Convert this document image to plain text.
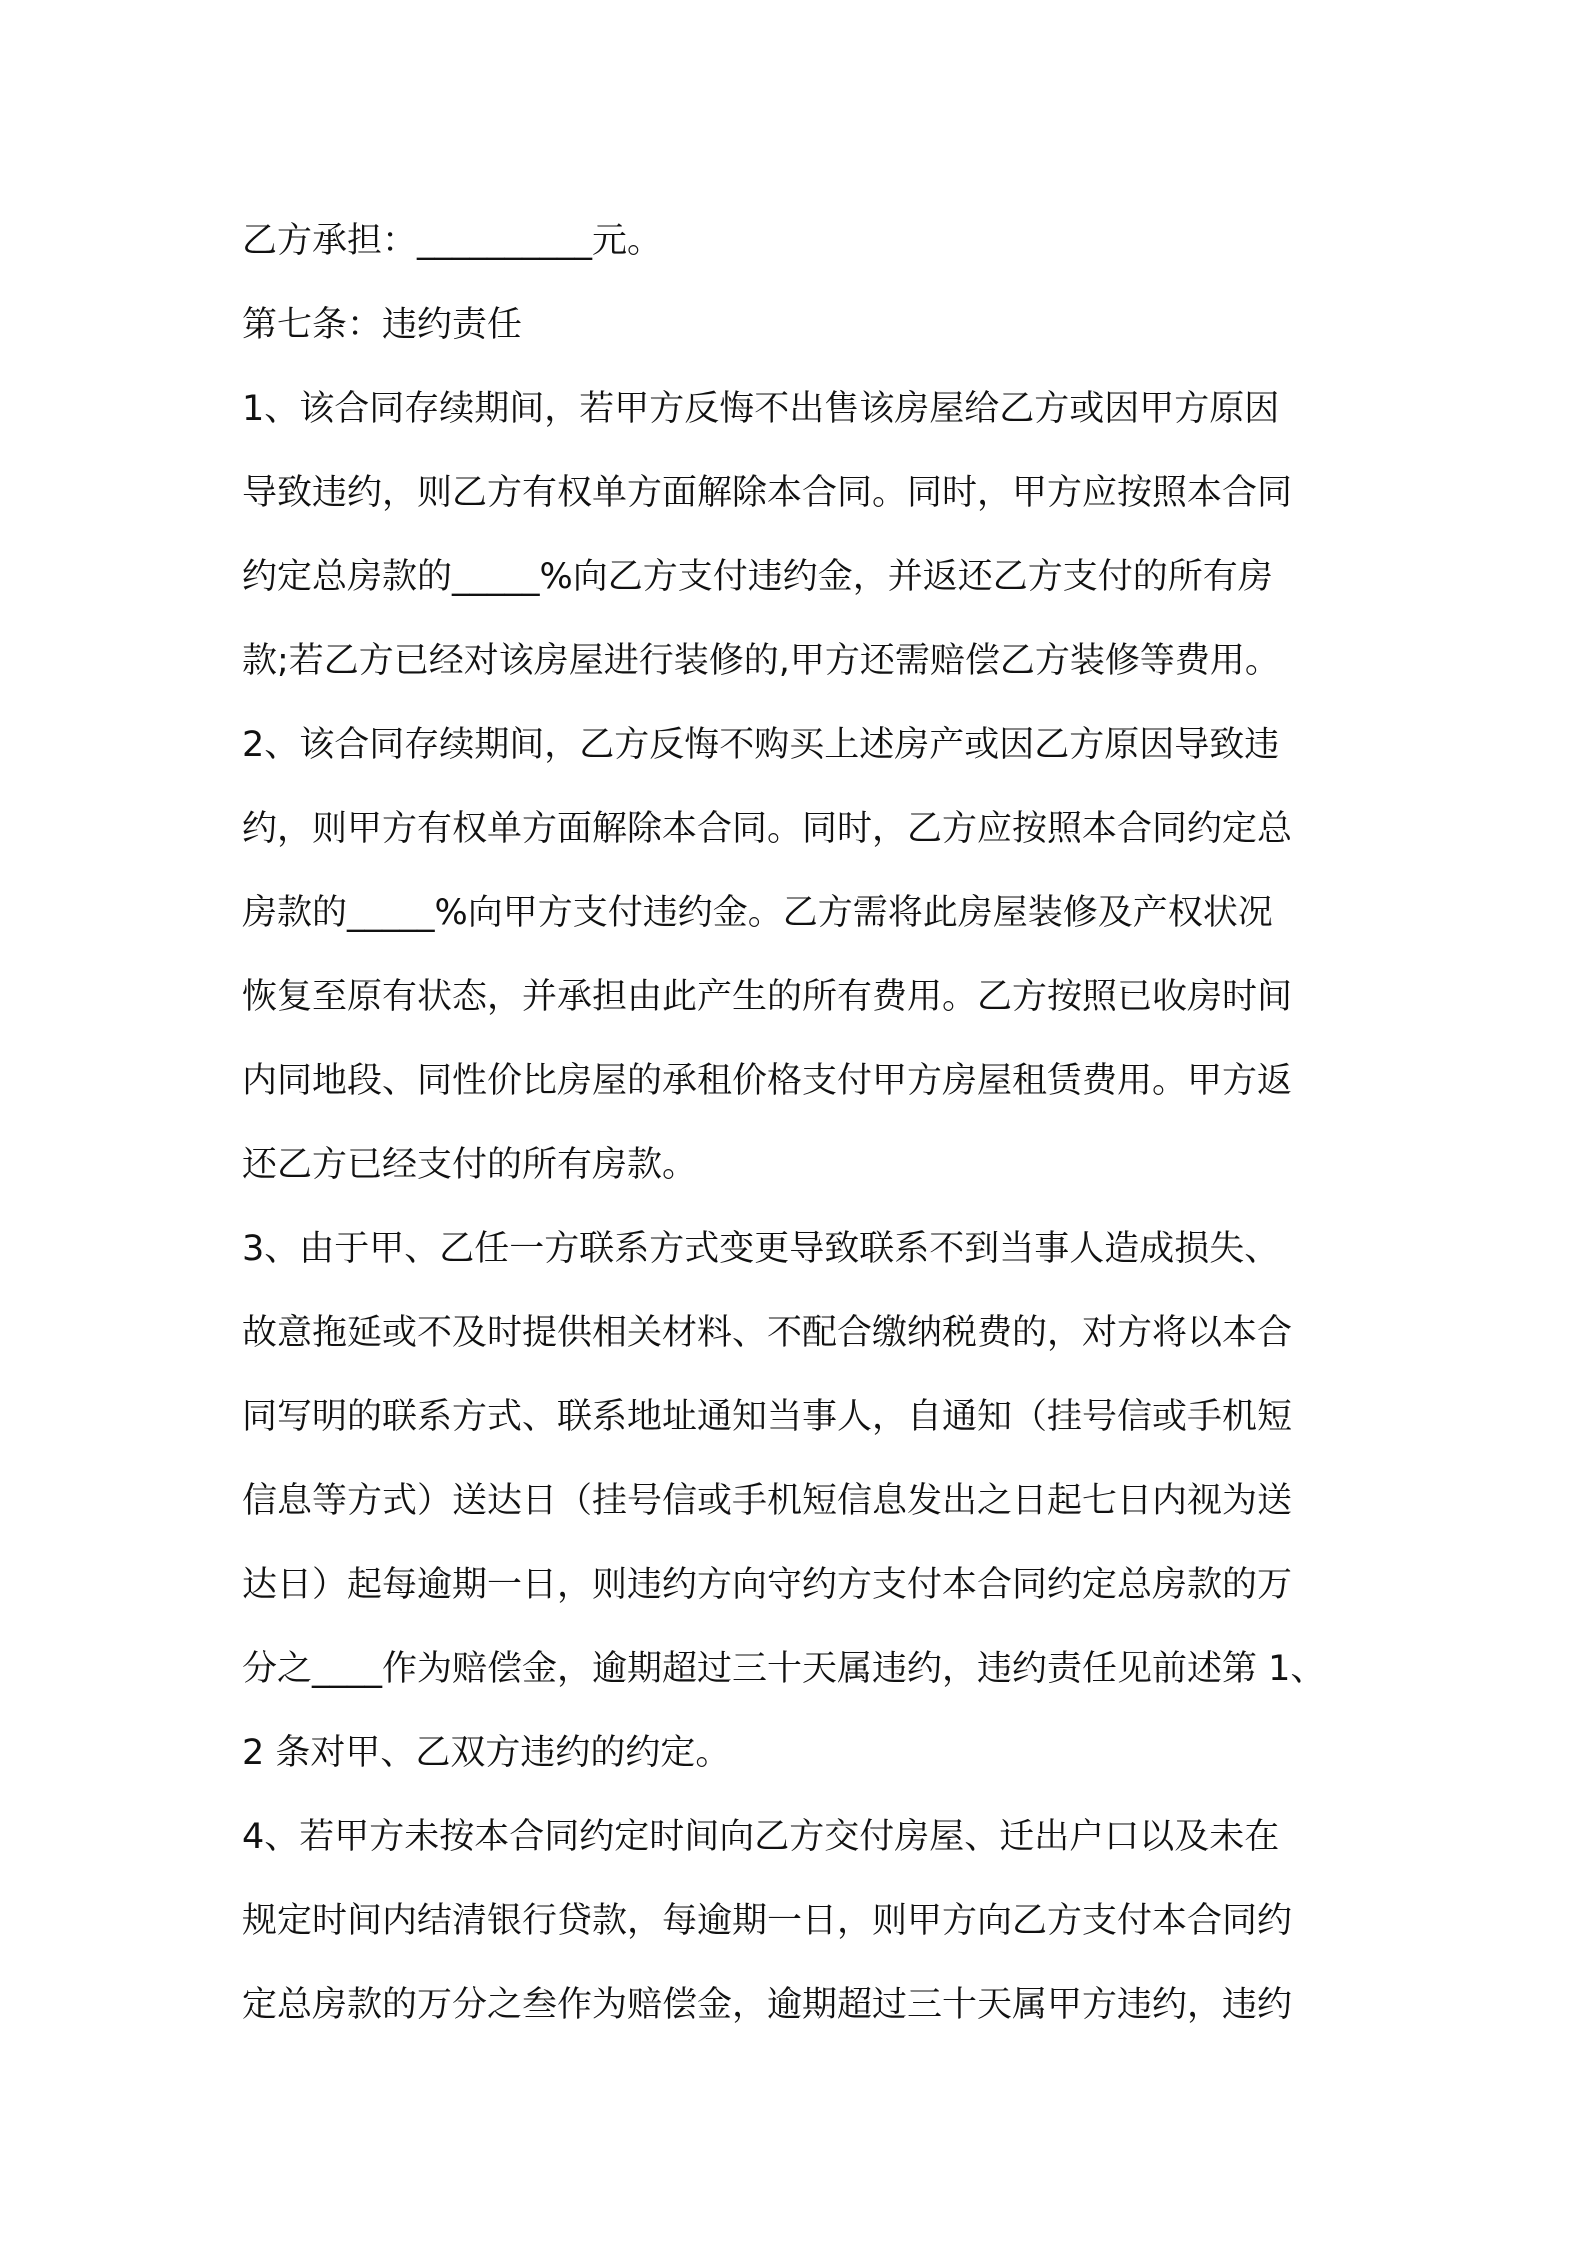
乙方承担：__________元。
第七条：违约责任
1、该合同存续期间，若甲方反悔不出售该房屋给乙方或因甲方原因
导致违约，则乙方有权单方面解除本合同。同时，甲方应按照本合同
约定总房款的_____%向乙方支付违约金，并返还乙方支付的所有房
款;若乙方已经对该房屋进行装修的,甲方还需赔偿乙方装修等费用。
2、该合同存续期间，乙方反悔不购买上述房产或因乙方原因导致违
约，则甲方有权单方面解除本合同。同时，乙方应按照本合同约定总
房款的_____%向甲方支付违约金。乙方需将此房屋装修及产权状况
恢复至原有状态，并承担由此产生的所有费用。乙方按照已收房时间
内同地段、同性价比房屋的承租价格支付甲方房屋租赁费用。甲方返
还乙方已经支付的所有房款。
3、由于甲、乙任一方联系方式变更导致联系不到当事人造成损失、
故意拖延或不及时提供相关材料、不配合缴纳税费的，对方将以本合
同写明的联系方式、联系地址通知当事人，自通知（挂号信或手机短
信息等方式）送达日（挂号信或手机短信息发出之日起七日内视为送
达日）起每逾期一日，则违约方向守约方支付本合同约定总房款的万
分之____作为赔偿金，逾期超过三十天属违约，违约责任见前述第 1、
2 条对甲、乙双方违约的约定。
4、若甲方未按本合同约定时间向乙方交付房屋、迁出户口以及未在
规定时间内结清银行贷款，每逾期一日，则甲方向乙方支付本合同约
定总房款的万分之叁作为赔偿金，逾期超过三十天属甲方违约，违约
